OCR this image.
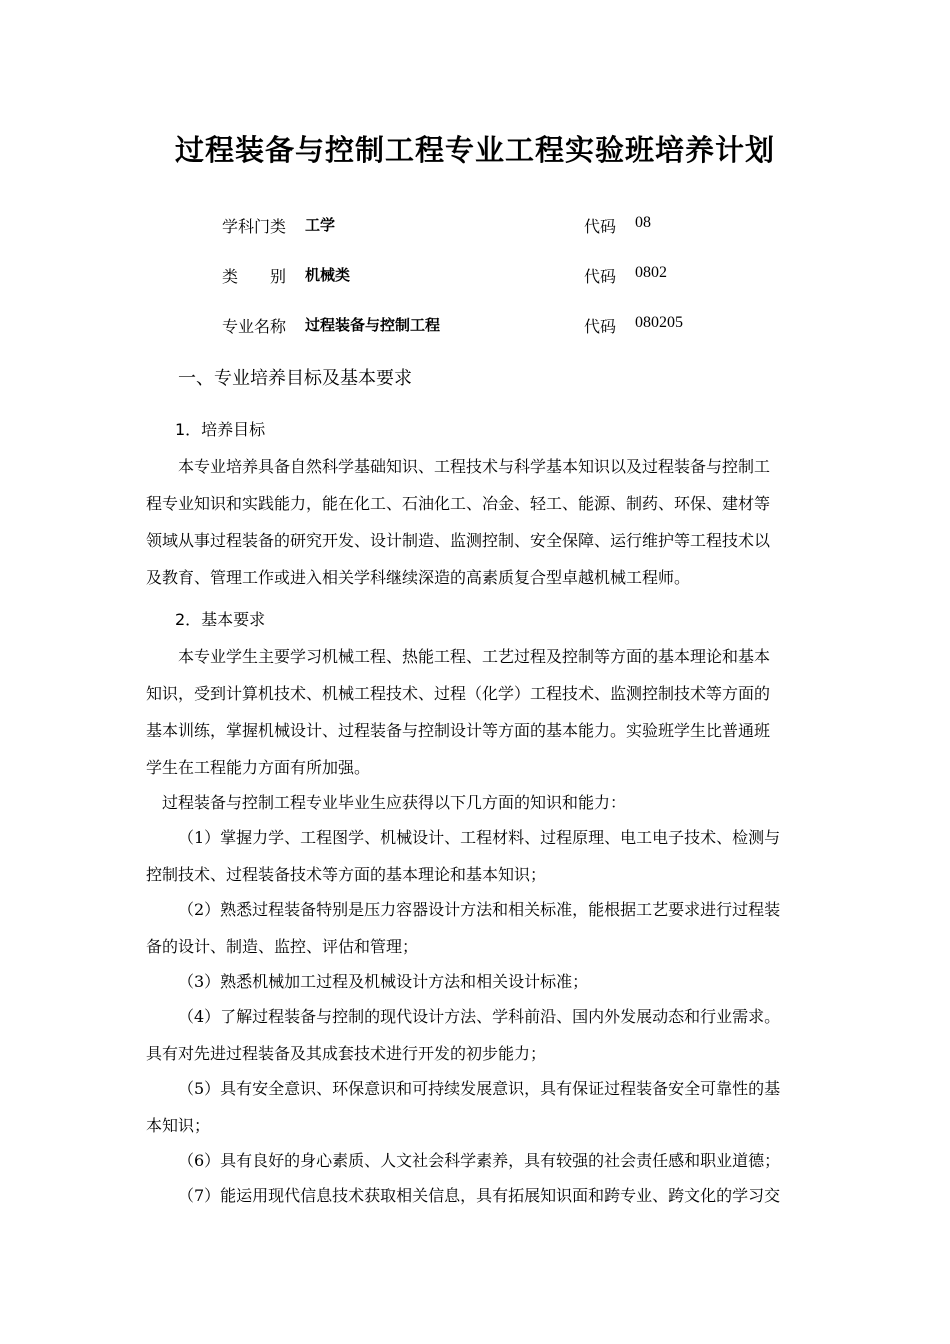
过程装备与控制工程专业工程实验班培养计划
学科门类 工学	代码 08
类　　别 机械类	代码 0802
专业名称 过程装备与控制工程	代码 080205
一、专业培养目标及基本要求
1．培养目标
本专业培养具备自然科学基础知识、工程技术与科学基本知识以及过程装备与控制工
程专业知识和实践能力，能在化工、石油化工、冶金、轻工、能源、制药、环保、建材等
领域从事过程装备的研究开发、设计制造、监测控制、安全保障、运行维护等工程技术以
及教育、管理工作或进入相关学科继续深造的高素质复合型卓越机械工程师。
2．基本要求
本专业学生主要学习机械工程、热能工程、工艺过程及控制等方面的基本理论和基本
知识，受到计算机技术、机械工程技术、过程（化学）工程技术、监测控制技术等方面的
基本训练，掌握机械设计、过程装备与控制设计等方面的基本能力。实验班学生比普通班
学生在工程能力方面有所加强。
过程装备与控制工程专业毕业生应获得以下几方面的知识和能力：
（1）掌握力学、工程图学、机械设计、工程材料、过程原理、电工电子技术、检测与
控制技术、过程装备技术等方面的基本理论和基本知识；
（2）熟悉过程装备特别是压力容器设计方法和相关标准，能根据工艺要求进行过程装
备的设计、制造、监控、评估和管理；
（3）熟悉机械加工过程及机械设计方法和相关设计标准；
（4）了解过程装备与控制的现代设计方法、学科前沿、国内外发展动态和行业需求。
具有对先进过程装备及其成套技术进行开发的初步能力；
（5）具有安全意识、环保意识和可持续发展意识，具有保证过程装备安全可靠性的基
本知识；
（6）具有良好的身心素质、人文社会科学素养，具有较强的社会责任感和职业道德；
（7）能运用现代信息技术获取相关信息，具有拓展知识面和跨专业、跨文化的学习交
